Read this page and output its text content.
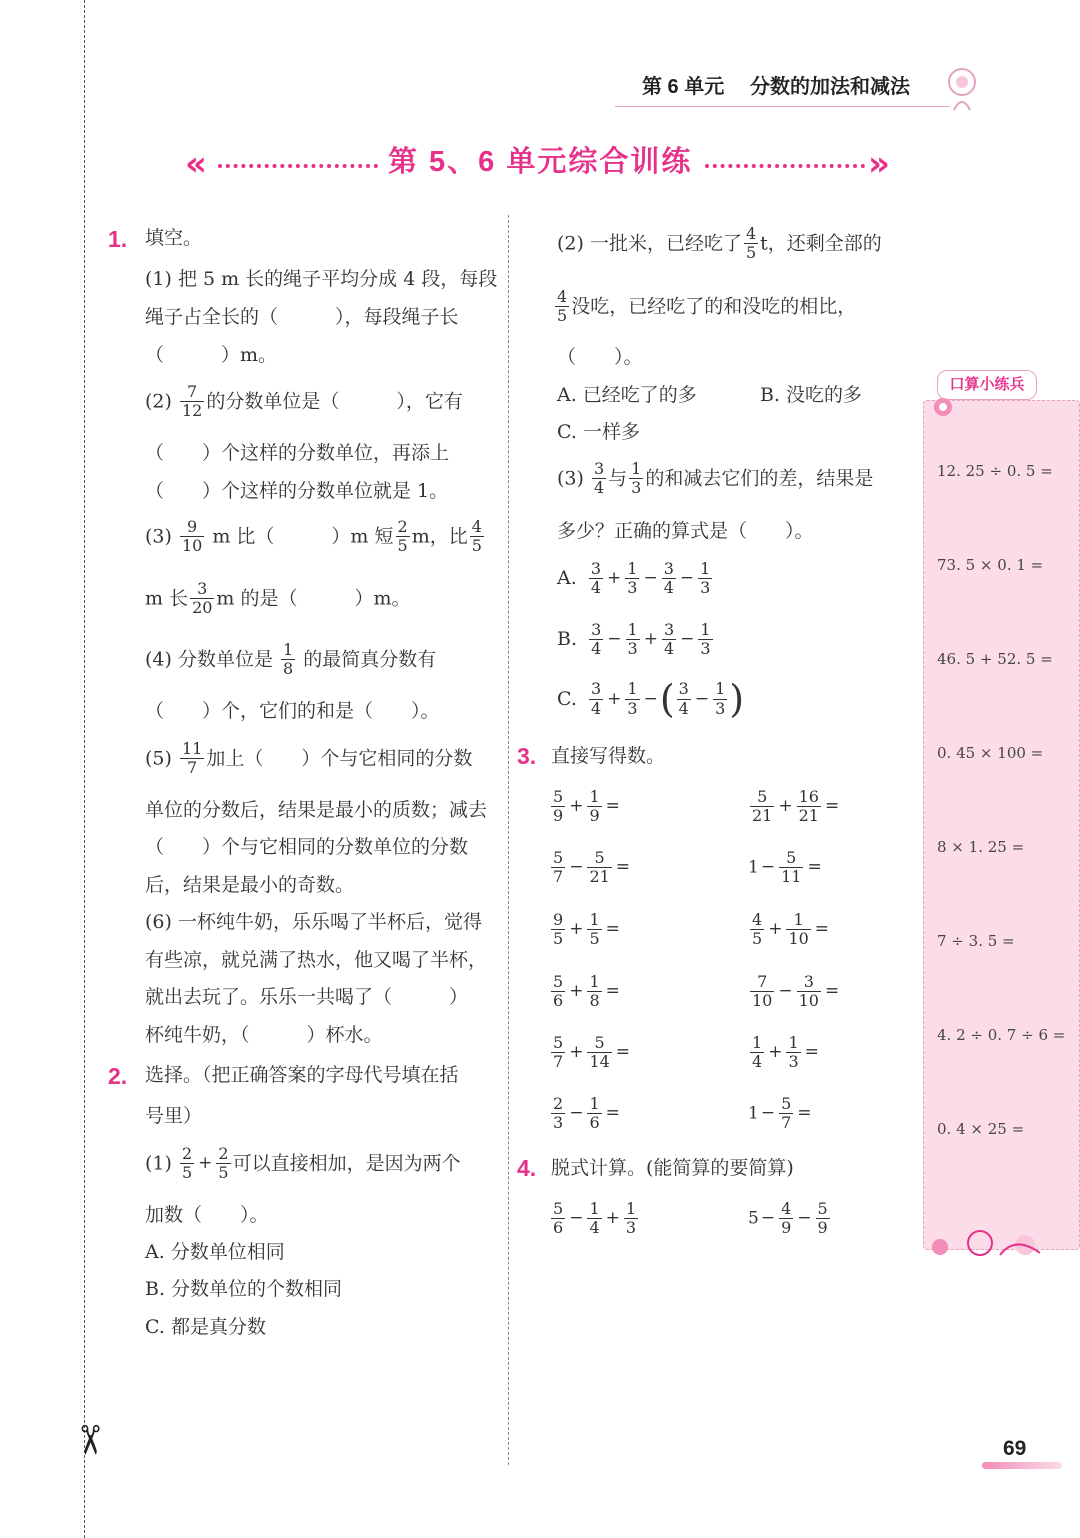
✂
第 6 单元 分数的加法和减法
«	第 5、6 单元综合训练	»
1. 填空。
(1) 把 5 m 长的绳子平均分成 4 段，每段
绳子占全长的（　　　），每段绳子长
（　　　）m。
$(2) \frac{7}{12}$ 的分数单位是（　　　），它有
（　　）个这样的分数单位，再添上
（　　）个这样的分数单位就是 1。
$(3) \frac{9}{10}$ m 比（　　　）m 短 $\frac{2}{5}$ m，比 $\frac{4}{5}$
m 长 $\frac{3}{20}$ m 的是（　　　）m。
(4) 分数单位是 $\frac{1}{8}$ 的最简真分数有
（　　）个，它们的和是（　　）。
$(5) \frac{11}{7}$ 加上（　　）个与它相同的分数
单位的分数后，结果是最小的质数；减去
（　　）个与它相同的分数单位的分数
后，结果是最小的奇数。
(6) 一杯纯牛奶，乐乐喝了半杯后，觉得
有些凉，就兑满了热水，他又喝了半杯，
就出去玩了。乐乐一共喝了（　　　）
杯纯牛奶，（　　　）杯水。
2. 选择。（把正确答案的字母代号填在括
号里）
$(1) \frac{2}{5} + \frac{2}{5}$ 可以直接相加，是因为两个
加数（　　）。
A. 分数单位相同
B. 分数单位的个数相同
C. 都是真分数
(2) 一批米，已经吃了 $\frac{4}{5}$ t，还剩全部的
$\frac{4}{5}$ 没吃，已经吃了的和没吃的相比，
（　　）。
A. 已经吃了的多	B. 没吃的多
C. 一样多
$(3) \frac{3}{4}$ 与 $\frac{1}{3}$ 的和减去它们的差，结果是
多少？正确的算式是（　　）。
A. $\frac{3}{4} + \frac{1}{3} - \frac{3}{4} - \frac{1}{3}$
B. $\frac{3}{4} - \frac{1}{3} + \frac{3}{4} - \frac{1}{3}$
C. $\frac{3}{4} + \frac{1}{3}$ −( $\frac{3}{4} - \frac{1}{3}$ )
3. 直接写得数。
$\frac{5}{9} + \frac{1}{9}$ =	$\frac{5}{21} + \frac{16}{21}$ =
$\frac{5}{7} - \frac{5}{21}$ =	$1 - \frac{5}{11}$ =
$\frac{9}{5} + \frac{1}{5}$ =	$\frac{4}{5} + \frac{1}{10}$ =
$\frac{5}{6} + \frac{1}{8}$ =	$\frac{7}{10} - \frac{3}{10}$ =
$\frac{5}{7} + \frac{5}{14}$ =	$\frac{1}{4} + \frac{1}{3}$ =
$\frac{2}{3} - \frac{1}{6}$ =	$1 - \frac{5}{7}$ =
4. 脱式计算。(能简算的要简算)
$\frac{5}{6} - \frac{1}{4} + \frac{1}{3}$	$5 - \frac{4}{9} - \frac{5}{9}$
口算小练兵
12. 25 ÷ 0. 5 =
73. 5 × 0. 1 =
46. 5 + 52. 5 =
0. 45 × 100 =
8 × 1. 25 =
7 ÷ 3. 5 =
4. 2 ÷ 0. 7 ÷ 6 =
0. 4 × 25 =
69
